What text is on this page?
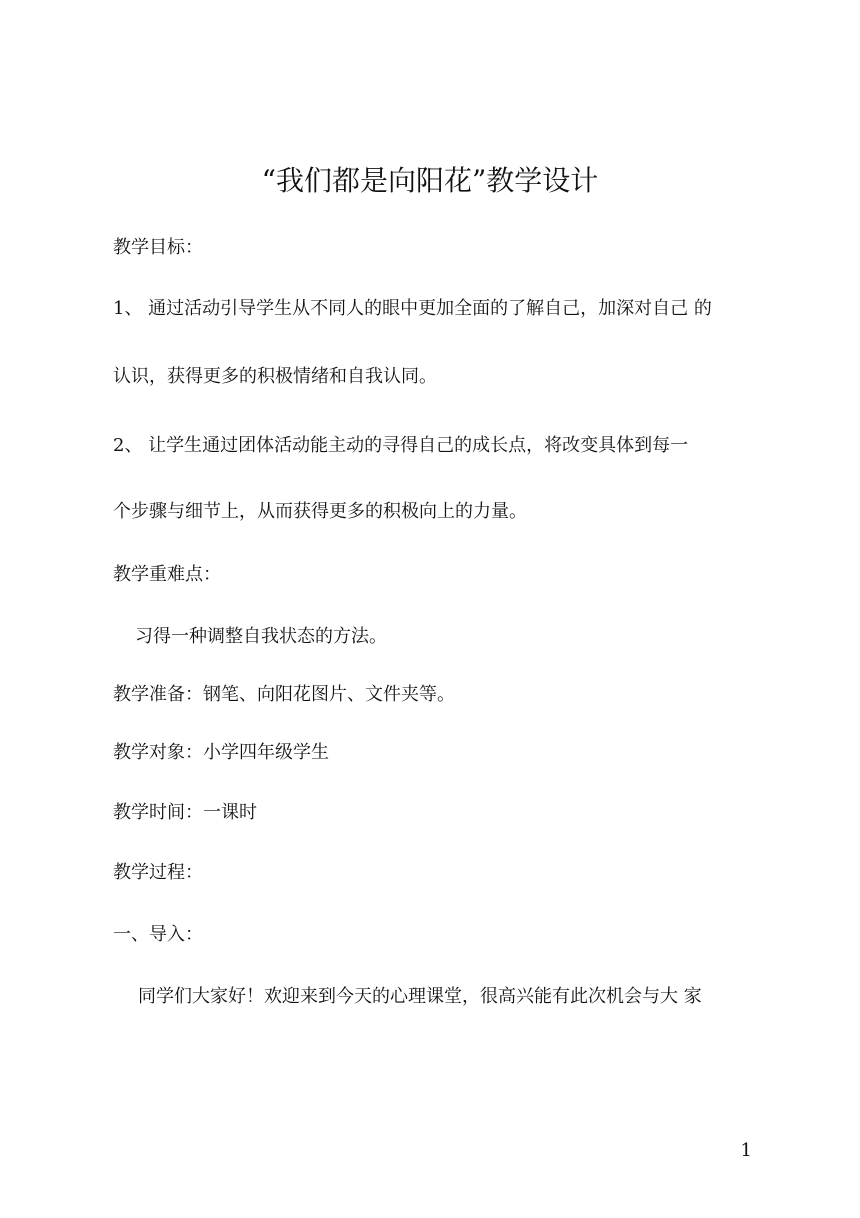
“我们都是向阳花”教学设计
教学目标：
1、 通过活动引导学生从不同人的眼中更加全面的了解自己，加深对自己 的
认识，获得更多的积极情绪和自我认同。
2、 让学生通过团体活动能主动的寻得自己的成长点，将改变具体到每一
个步骤与细节上，从而获得更多的积极向上的力量。
教学重难点：
习得一种调整自我状态的方法。
教学准备：钢笔、向阳花图片、文件夹等。
教学对象：小学四年级学生
教学时间：一课时
教学过程：
一、导入：
同学们大家好！欢迎来到今天的心理课堂，很高兴能有此次机会与大 家
1
